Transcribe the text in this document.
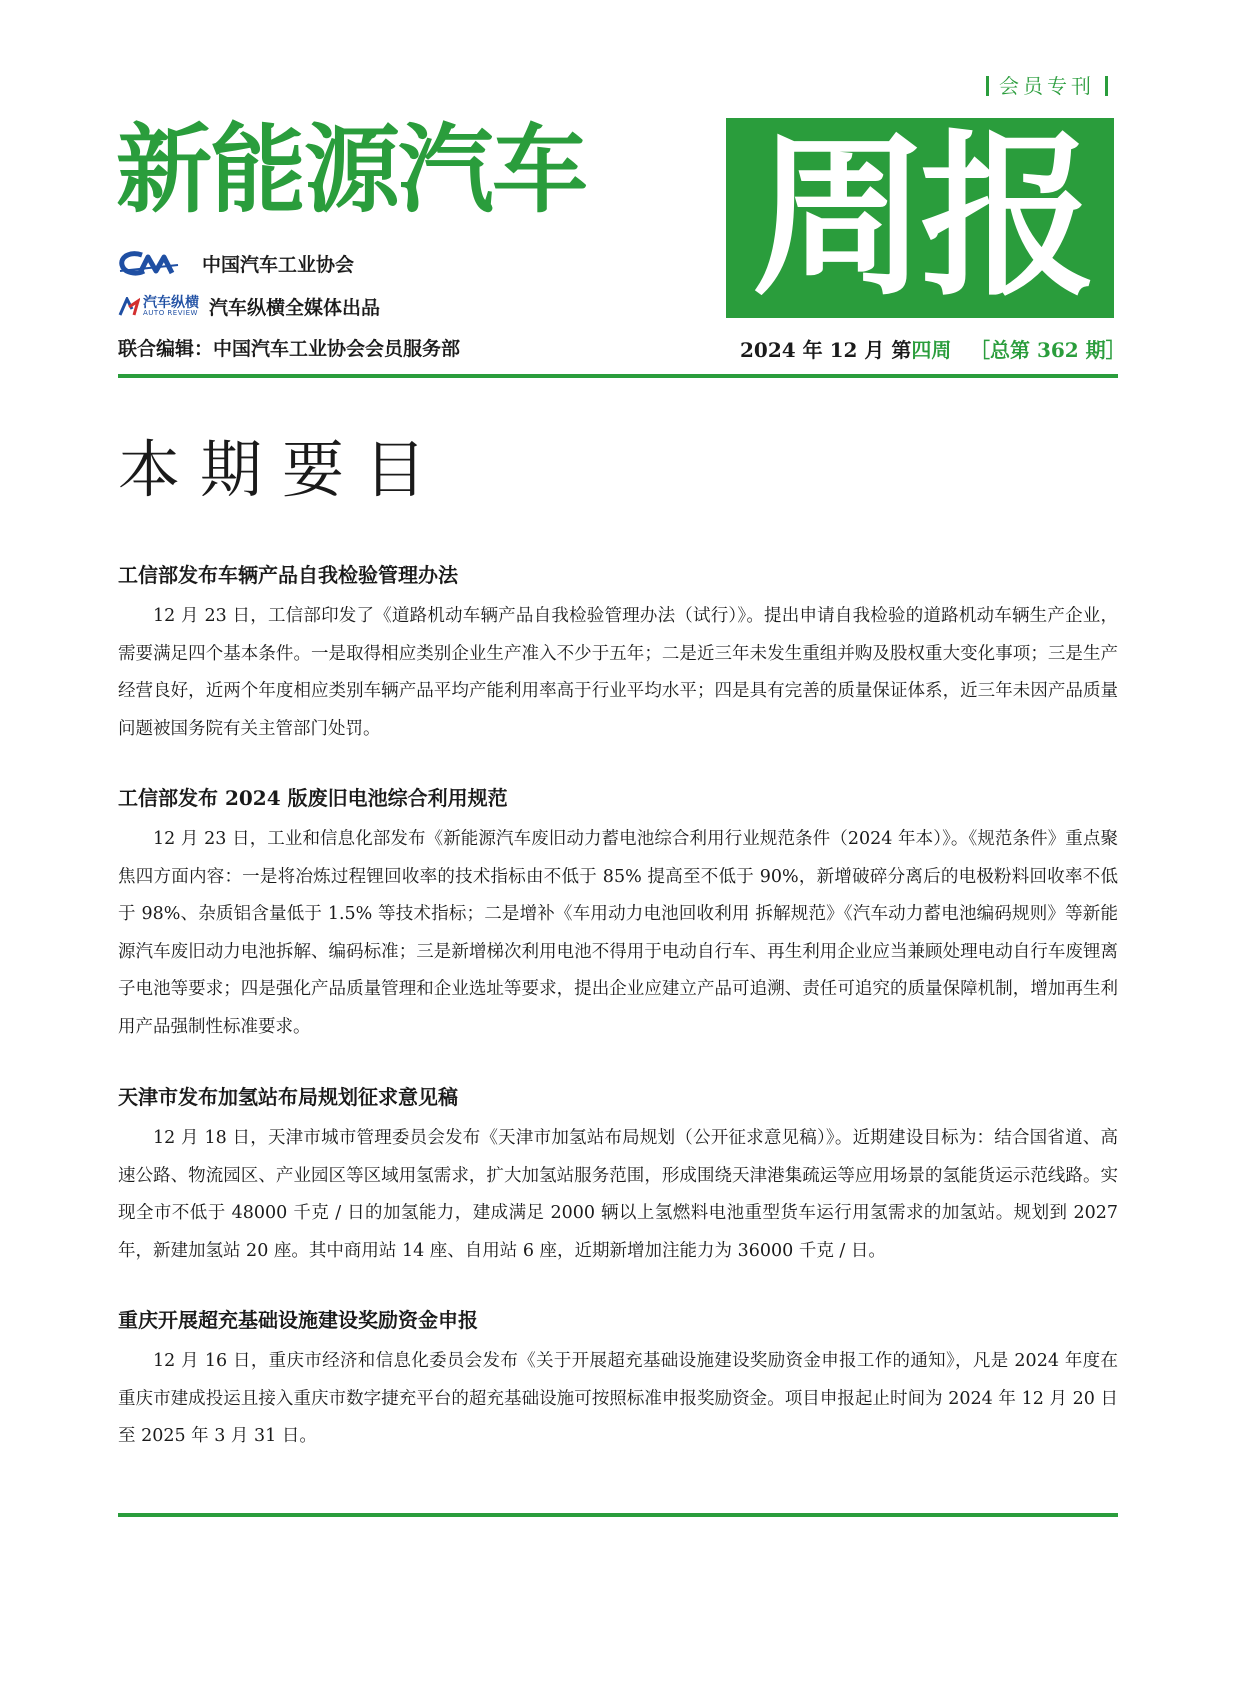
会员专刊
新能源汽车 周报
中国汽车工业协会
汽车纵横
AUTO REVIEW 汽车纵横全媒体出品
联合编辑：中国汽车工业协会会员服务部	2024 年 12 月 第四周 ［总第 362 期］
本期要目
工信部发布车辆产品自我检验管理办法

12 月 23 日，工信部印发了《道路机动车辆产品自我检验管理办法（试行）》。提出申请自我检验的道路机动车辆生产企业，需要满足四个基本条件。一是取得相应类别企业生产准入不少于五年；二是近三年未发生重组并购及股权重大变化事项；三是生产经营良好，近两个年度相应类别车辆产品平均产能利用率高于行业平均水平；四是具有完善的质量保证体系，近三年未因产品质量问题被国务院有关主管部门处罚。

工信部发布 2024 版废旧电池综合利用规范

12 月 23 日，工业和信息化部发布《新能源汽车废旧动力蓄电池综合利用行业规范条件（2024 年本）》。《规范条件》重点聚焦四方面内容：一是将冶炼过程锂回收率的技术指标由不低于 85% 提高至不低于 90%，新增破碎分离后的电极粉料回收率不低于 98%、杂质铝含量低于 1.5% 等技术指标；二是增补《车用动力电池回收利用 拆解规范》《汽车动力蓄电池编码规则》等新能源汽车废旧动力电池拆解、编码标准；三是新增梯次利用电池不得用于电动自行车、再生利用企业应当兼顾处理电动自行车废锂离子电池等要求；四是强化产品质量管理和企业选址等要求，提出企业应建立产品可追溯、责任可追究的质量保障机制，增加再生利用产品强制性标准要求。

天津市发布加氢站布局规划征求意见稿

12 月 18 日，天津市城市管理委员会发布《天津市加氢站布局规划（公开征求意见稿）》。近期建设目标为：结合国省道、高速公路、物流园区、产业园区等区域用氢需求，扩大加氢站服务范围，形成围绕天津港集疏运等应用场景的氢能货运示范线路。实现全市不低于 48000 千克 / 日的加氢能力，建成满足 2000 辆以上氢燃料电池重型货车运行用氢需求的加氢站。规划到 2027 年，新建加氢站 20 座。其中商用站 14 座、自用站 6 座，近期新增加注能力为 36000 千克 / 日。

重庆开展超充基础设施建设奖励资金申报

12 月 16 日，重庆市经济和信息化委员会发布《关于开展超充基础设施建设奖励资金申报工作的通知》，凡是 2024 年度在重庆市建成投运且接入重庆市数字捷充平台的超充基础设施可按照标准申报奖励资金。项目申报起止时间为 2024 年 12 月 20 日至 2025 年 3 月 31 日。
